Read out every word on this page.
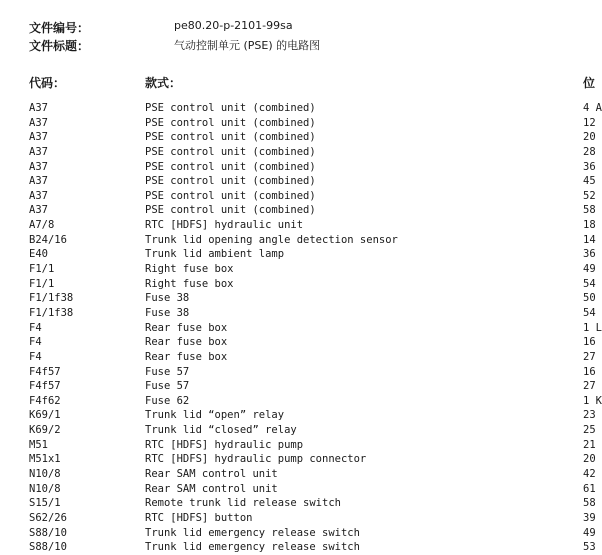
文件编号：	pe80.20-p-2101-99sa
文件标题：	气动控制单元 (PSE) 的电路图
代码：	款式：	位
A37	PSE control unit (combined)	4 A
A37	PSE control unit (combined)	12
A37	PSE control unit (combined)	20
A37	PSE control unit (combined)	28
A37	PSE control unit (combined)	36
A37	PSE control unit (combined)	45
A37	PSE control unit (combined)	52
A37	PSE control unit (combined)	58
A7/8	RTC [HDFS] hydraulic unit	18
B24/16	Trunk lid opening angle detection sensor	14
E40	Trunk lid ambient lamp	36
F1/1	Right fuse box	49
F1/1	Right fuse box	54
F1/1f38	Fuse 38	50
F1/1f38	Fuse 38	54
F4	Rear fuse box	1 L
F4	Rear fuse box	16
F4	Rear fuse box	27
F4f57	Fuse 57	16
F4f57	Fuse 57	27
F4f62	Fuse 62	1 K
K69/1	Trunk lid “open” relay	23
K69/2	Trunk lid “closed” relay	25
M51	RTC [HDFS] hydraulic pump	21
M51x1	RTC [HDFS] hydraulic pump connector	20
N10/8	Rear SAM control unit	42
N10/8	Rear SAM control unit	61
S15/1	Remote trunk lid release switch	58
S62/26	RTC [HDFS] button	39
S88/10	Trunk lid emergency release switch	49
S88/10	Trunk lid emergency release switch	53
